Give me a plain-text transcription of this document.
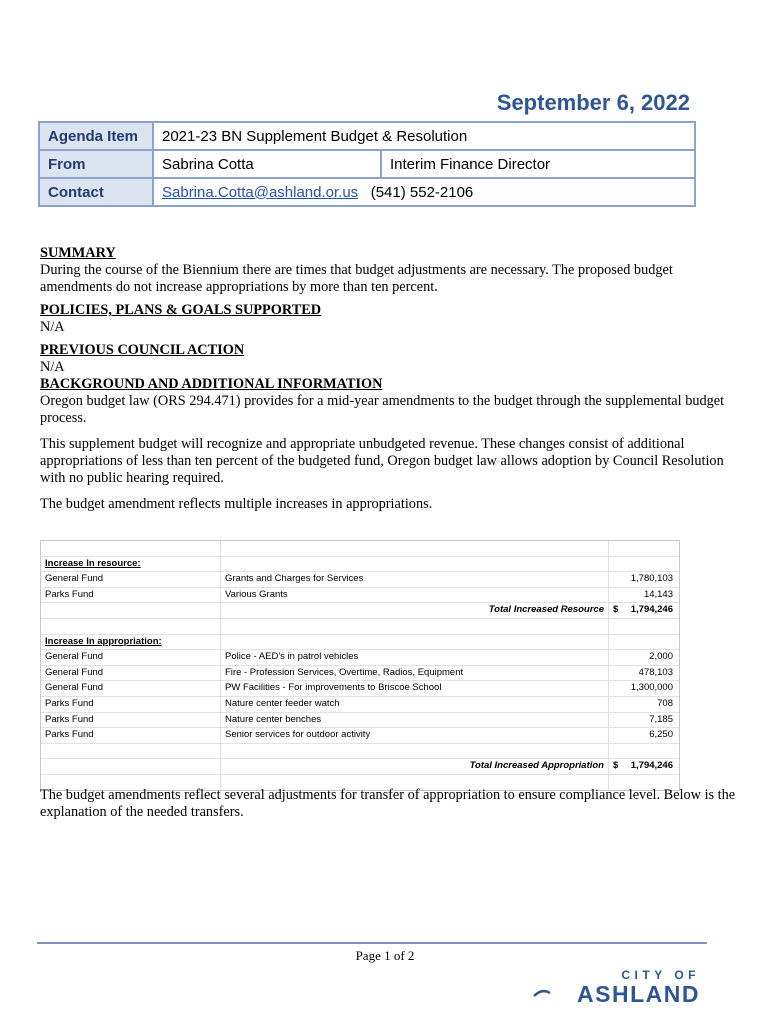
September 6, 2022
Agenda Item	2021-23 BN Supplement Budget & Resolution	
From	Sabrina Cotta	Interim Finance Director
Contact	Sabrina.Cotta@ashland.or.us (541) 552-2106	
SUMMARY

During the course of the Biennium there are times that budget adjustments are necessary. The proposed budget amendments do not increase appropriations by more than ten percent.

POLICIES, PLANS & GOALS SUPPORTED

N/A

PREVIOUS COUNCIL ACTION

N/A

BACKGROUND AND ADDITIONAL INFORMATION

Oregon budget law (ORS 294.471) provides for a mid-year amendments to the budget through the supplemental budget process.

This supplement budget will recognize and appropriate unbudgeted revenue. These changes consist of additional appropriations of less than ten percent of the budgeted fund, Oregon budget law allows adoption by Council Resolution with no public hearing required.

The budget amendment reflects multiple increases in appropriations.

Increase In resource:
General Fund	Grants and Charges for Services	1,780,103
Parks Fund	Various Grants	14,143
Total Increased Resource $ 1,794,246
Increase In appropriation:
General Fund	Police - AED's in patrol vehicles	2,000
General Fund	Fire - Profession Services, Overtime, Radios, Equipment	478,103
General Fund	PW Facilities - For improvements to Briscoe School	1,300,000
Parks Fund	Nature center feeder watch	708
Parks Fund	Nature center benches	7,185
Parks Fund	Senior services for outdoor activity	6,250
Total Increased Appropriation $ 1,794,246
The budget amendments reflect several adjustments for transfer of appropriation to ensure compliance level. Below is the explanation of the needed transfers.
Page 1 of 2
CITY OF
ASHLAND
